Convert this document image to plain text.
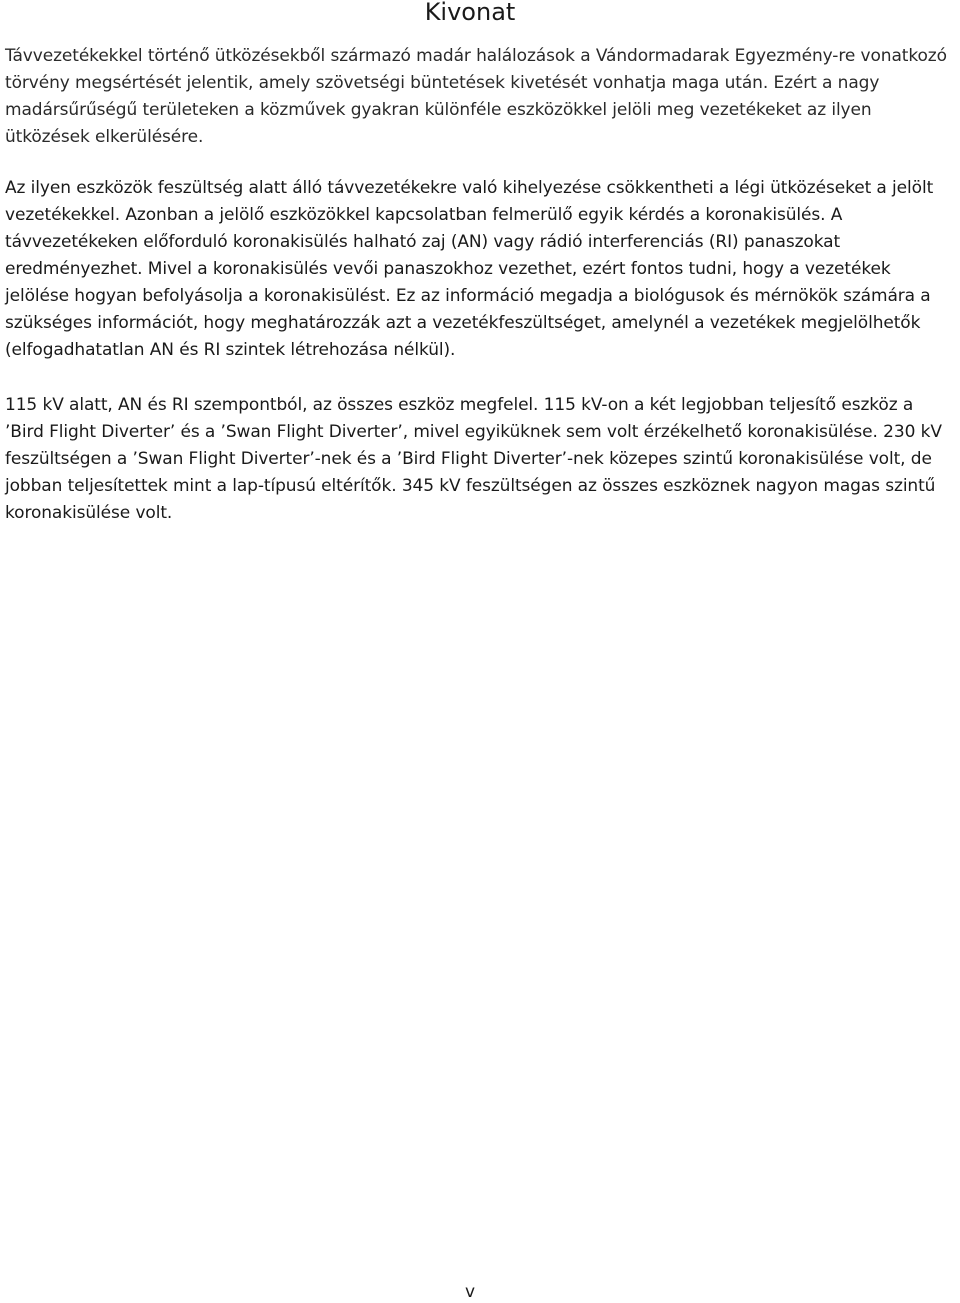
Kivonat

Távvezetékekkel történő ütközésekből származó madár halálozások a Vándormadarak Egyezmény-re vonatkozó törvény megsértését jelentik, amely szövetségi büntetések kivetését vonhatja maga után. Ezért a nagy madársűrűségű területeken a közművek gyakran különféle eszközökkel jelöli meg vezetékeket az ilyen ütközések elkerülésére.

Az ilyen eszközök feszültség alatt álló távvezetékekre való kihelyezése csökkentheti a légi ütközéseket a jelölt vezetékekkel. Azonban a jelölő eszközökkel kapcsolatban felmerülő egyik kérdés a koronakisülés. A távvezetékeken előforduló koronakisülés halható zaj (AN) vagy rádió interferenciás (RI) panaszokat eredményezhet. Mivel a koronakisülés vevői panaszokhoz vezethet, ezért fontos tudni, hogy a vezetékek jelölése hogyan befolyásolja a koronakisülést. Ez az információ megadja a biológusok és mérnökök számára a szükséges információt, hogy meghatározzák azt a vezetékfeszültséget, amelynél a vezetékek megjelölhetők (elfogadhatatlan AN és RI szintek létrehozása nélkül).

115 kV alatt, AN és RI szempontból, az összes eszköz megfelel. 115 kV-on a két legjobban teljesítő eszköz a ’Bird Flight Diverter’ és a ’Swan Flight Diverter’, mivel egyiküknek sem volt érzékelhető koronakisülése. 230 kV feszültségen a ’Swan Flight Diverter’-nek és a ’Bird Flight Diverter’-nek közepes szintű koronakisülése volt, de jobban teljesítettek mint a lap-típusú eltérítők. 345 kV feszültségen az összes eszköznek nagyon magas szintű koronakisülése volt.

v
